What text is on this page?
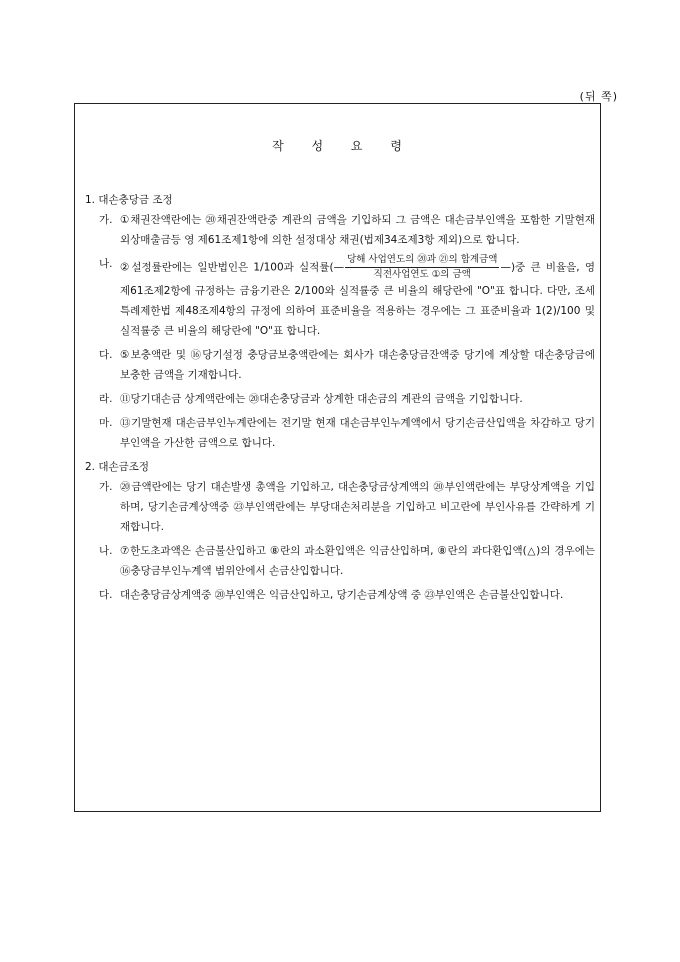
(뒤 쪽)
작 성 요 령
1. 대손충당금 조정
가. ①채권잔액란에는 ⑳채권잔액란중 계관의 금액을 기입하되 그 금액은 대손금부인액을 포함한 기말현재 외상매출금등 영 제61조제1항에 의한 설정대상 채권(법제34조제3항 제외)으로 합니다.
나. ②설정률란에는 일반법인은 1/100과 실적률(— $\frac{\text{당해 사업연도의 ⑳과 ㉑의 합계금액}}{\text{직전사업연도 ①의 금액}}$ —)중 큰 비율을, 영 제61조제2항에 규정하는 금융기관은 2/100와 실적률중 큰 비율의 해당란에 "O"표 합니다. 다만, 조세특례제한법 제48조제4항의 규정에 의하여 표준비율을 적용하는 경우에는 그 표준비율과 1(2)/100 및 실적률중 큰 비율의 해당란에 "O"표 합니다.
다. ⑤보충액란 및 ⑯당기설정 충당금보충액란에는 회사가 대손충당금잔액중 당기에 계상할 대손충당금에 보충한 금액을 기재합니다.
라. ⑪당기대손금 상계액란에는 ⑳대손충당금과 상계한 대손금의 계관의 금액을 기입합니다.
마. ⑬기말현재 대손금부인누계란에는 전기말 현재 대손금부인누계액에서 당기손금산입액을 차감하고 당기 부인액을 가산한 금액으로 합니다.
2. 대손금조정
가. ⑳금액란에는 당기 대손발생 총액을 기입하고, 대손충당금상계액의 ⑳부인액란에는 부당상계액을 기입하며, 당기손금계상액중 ㉓부인액란에는 부당대손처리분을 기입하고 비고란에 부인사유를 간략하게 기재합니다.
나. ⑦한도초과액은 손금불산입하고 ⑧란의 과소환입액은 익금산입하며, ⑧란의 과다환입액(△)의 경우에는 ⑯충당금부인누계액 범위안에서 손금산입합니다.
다. 대손충당금상계액중 ⑳부인액은 익금산입하고, 당기손금계상액 중 ㉓부인액은 손금불산입합니다.
